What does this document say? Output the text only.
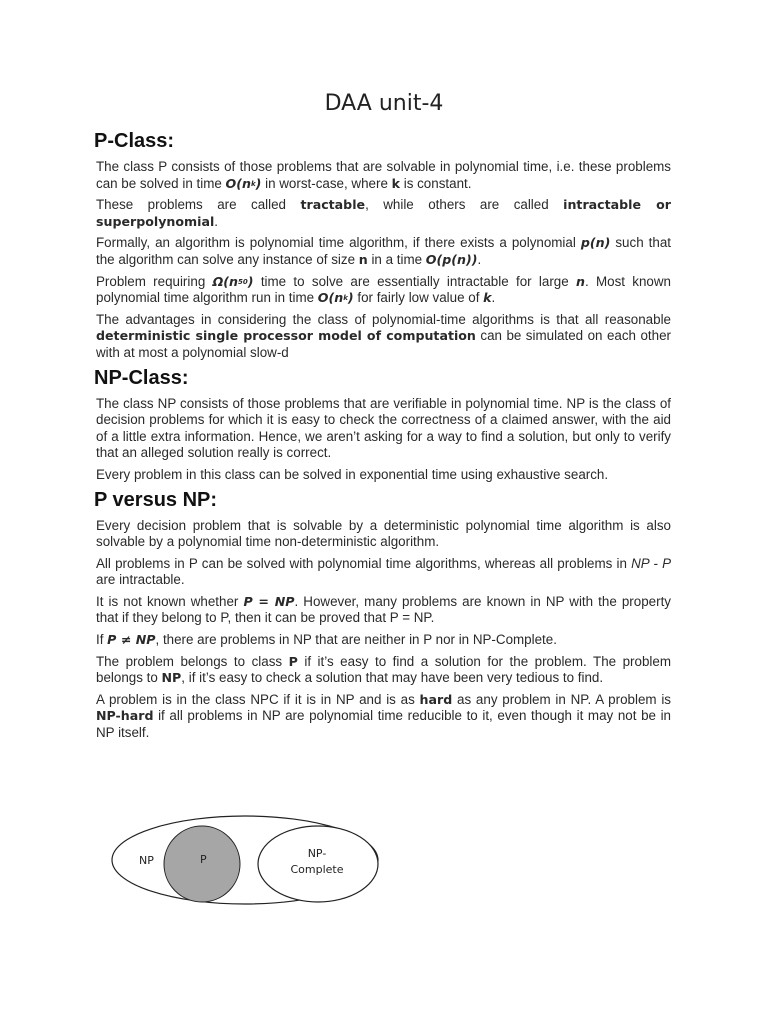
DAA unit-4
P-Class:

The class P consists of those problems that are solvable in polynomial time, i.e. these problems can be solved in time $O(n_k)$ in worst-case, where k is constant.

These problems are called tractable, while others are called intractable or superpolynomial.

Formally, an algorithm is polynomial time algorithm, if there exists a polynomial p(n) such that the algorithm can solve any instance of size n in a time O(p(n)).

Problem requiring $\Omega(n_{50})$ time to solve are essentially intractable for large n. Most known polynomial time algorithm run in time $O(n_k)$ for fairly low value of k.

The advantages in considering the class of polynomial-time algorithms is that all reasonable deterministic single processor model of computation can be simulated on each other with at most a polynomial slow-d

NP-Class:

The class NP consists of those problems that are verifiable in polynomial time. NP is the class of decision problems for which it is easy to check the correctness of a claimed answer, with the aid of a little extra information. Hence, we aren’t asking for a way to find a solution, but only to verify that an alleged solution really is correct.

Every problem in this class can be solved in exponential time using exhaustive search.

P versus NP:

Every decision problem that is solvable by a deterministic polynomial time algorithm is also solvable by a polynomial time non-deterministic algorithm.

All problems in P can be solved with polynomial time algorithms, whereas all problems in NP - P are intractable.

It is not known whether P = NP. However, many problems are known in NP with the property that if they belong to P, then it can be proved that P = NP.

If P ≠ NP, there are problems in NP that are neither in P nor in NP-Complete.

The problem belongs to class P if it’s easy to find a solution for the problem. The problem belongs to NP, if it’s easy to check a solution that may have been very tedious to find.

A problem is in the class NPC if it is in NP and is as hard as any problem in NP. A problem is NP-hard if all problems in NP are polynomial time reducible to it, even though it may not be in NP itself.

NP	P	NP-
Complete
